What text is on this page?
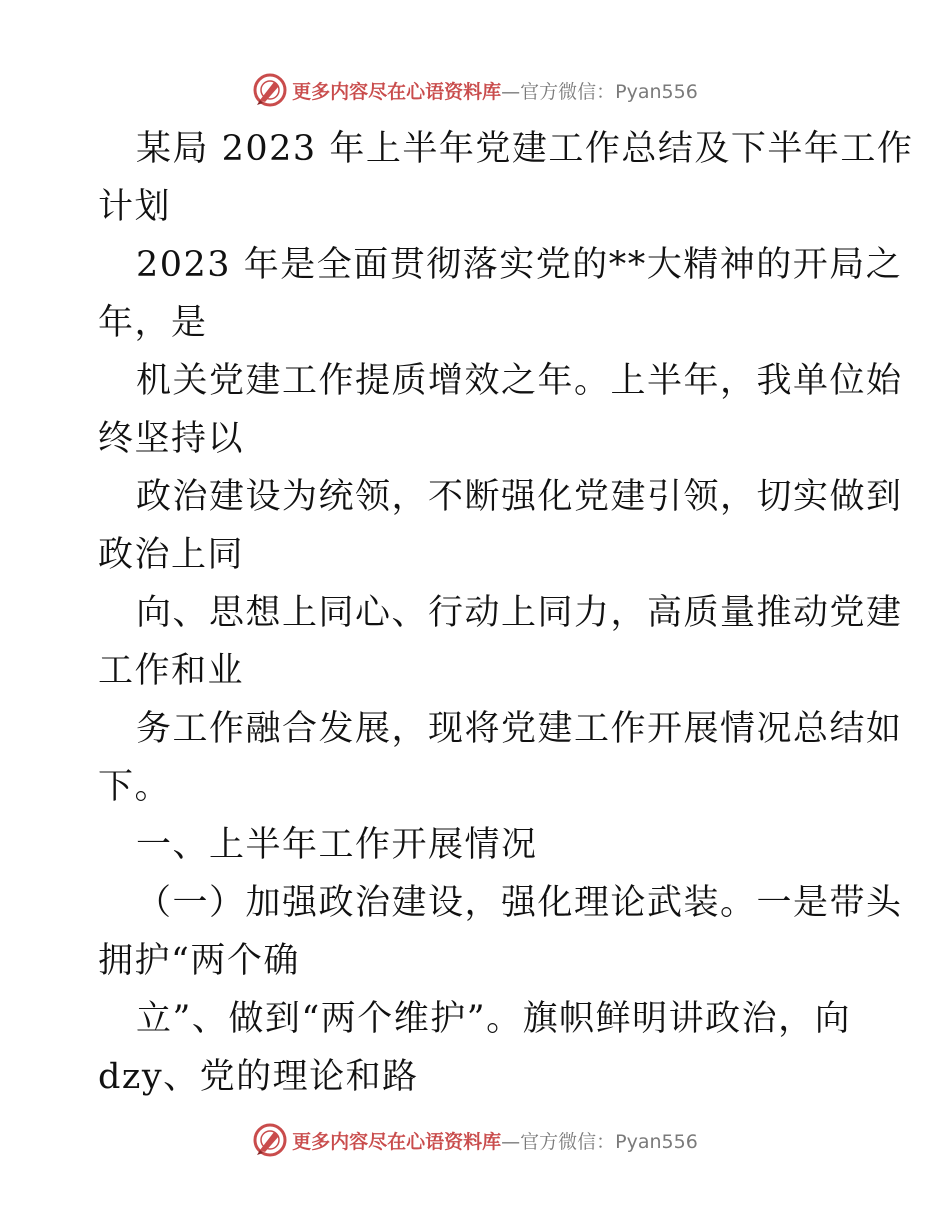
更多内容尽在心语资料库—官方微信：Pyan556
某局 2023 年上半年党建工作总结及下半年工作
计划
2023 年是全面贯彻落实党的**大精神的开局之
年，是
机关党建工作提质增效之年。上半年，我单位始
终坚持以
政治建设为统领，不断强化党建引领，切实做到
政治上同
向、思想上同心、行动上同力，高质量推动党建
工作和业
务工作融合发展，现将党建工作开展情况总结如
下。
一、上半年工作开展情况
（一）加强政治建设，强化理论武装。一是带头
拥护“两个确
立”、做到“两个维护”。旗帜鲜明讲政治，向
dzy、党的理论和路
更多内容尽在心语资料库—官方微信：Pyan556
